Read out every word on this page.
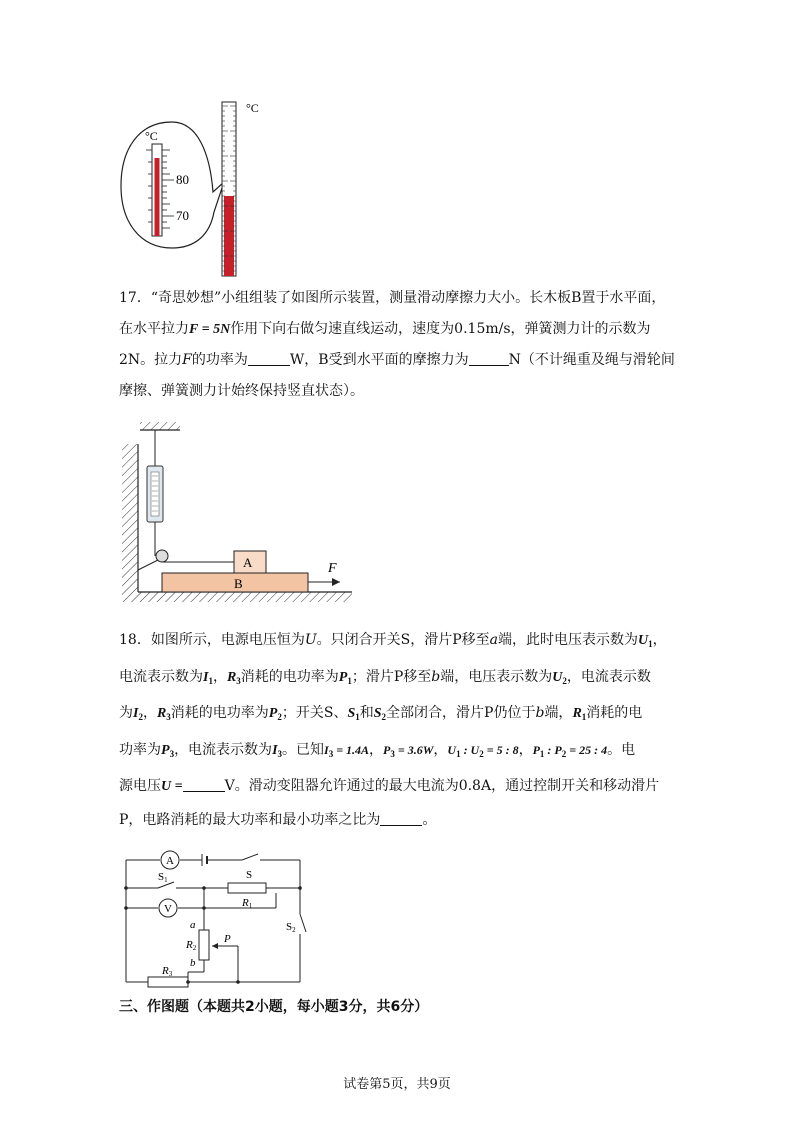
°C
80
70
°C
17．“奇思妙想”小组组装了如图所示装置，测量滑动摩擦力大小。长木板B置于水平面，
在水平拉力F = 5N作用下向右做匀速直线运动，速度为0.15m/s，弹簧测力计的示数为
2N。拉力F的功率为	W，B受到水平面的摩擦力为	N（不计绳重及绳与滑轮间
摩擦、弹簧测力计始终保持竖直状态）。
A
B
F
18．如图所示，电源电压恒为U。只闭合开关S，滑片P移至a端，此时电压表示数为$U_1$，
电流表示数为$I_1$，$R_3$消耗的电功率为$P_1$；滑片P移至b端，电压表示数为$U_2$，电流表示数
为$I_2$，$R_3$消耗的电功率为$P_2$；开关S、$S_1$和$S_2$全部闭合，滑片P仍位于b端，$R_1$消耗的电
功率为$P_3$，电流表示数为$I_3$。已知$I_3 = 1.4A$，$P_3 = 3.6W$，$U_1$ : $U_2 = 5$ : 8，$P_1$ : $P_2 = 25$ : 4。电
源电压U =	V。滑动变阻器允许通过的最大电流为0.8A，通过控制开关和移动滑片
P，电路消耗的最大功率和最小功率之比为	。
A
V
S
S1
S2
R1
R2
R3
a
b
P
三、作图题（本题共2小题，每小题3分，共6分）
试卷第5页，共9页
